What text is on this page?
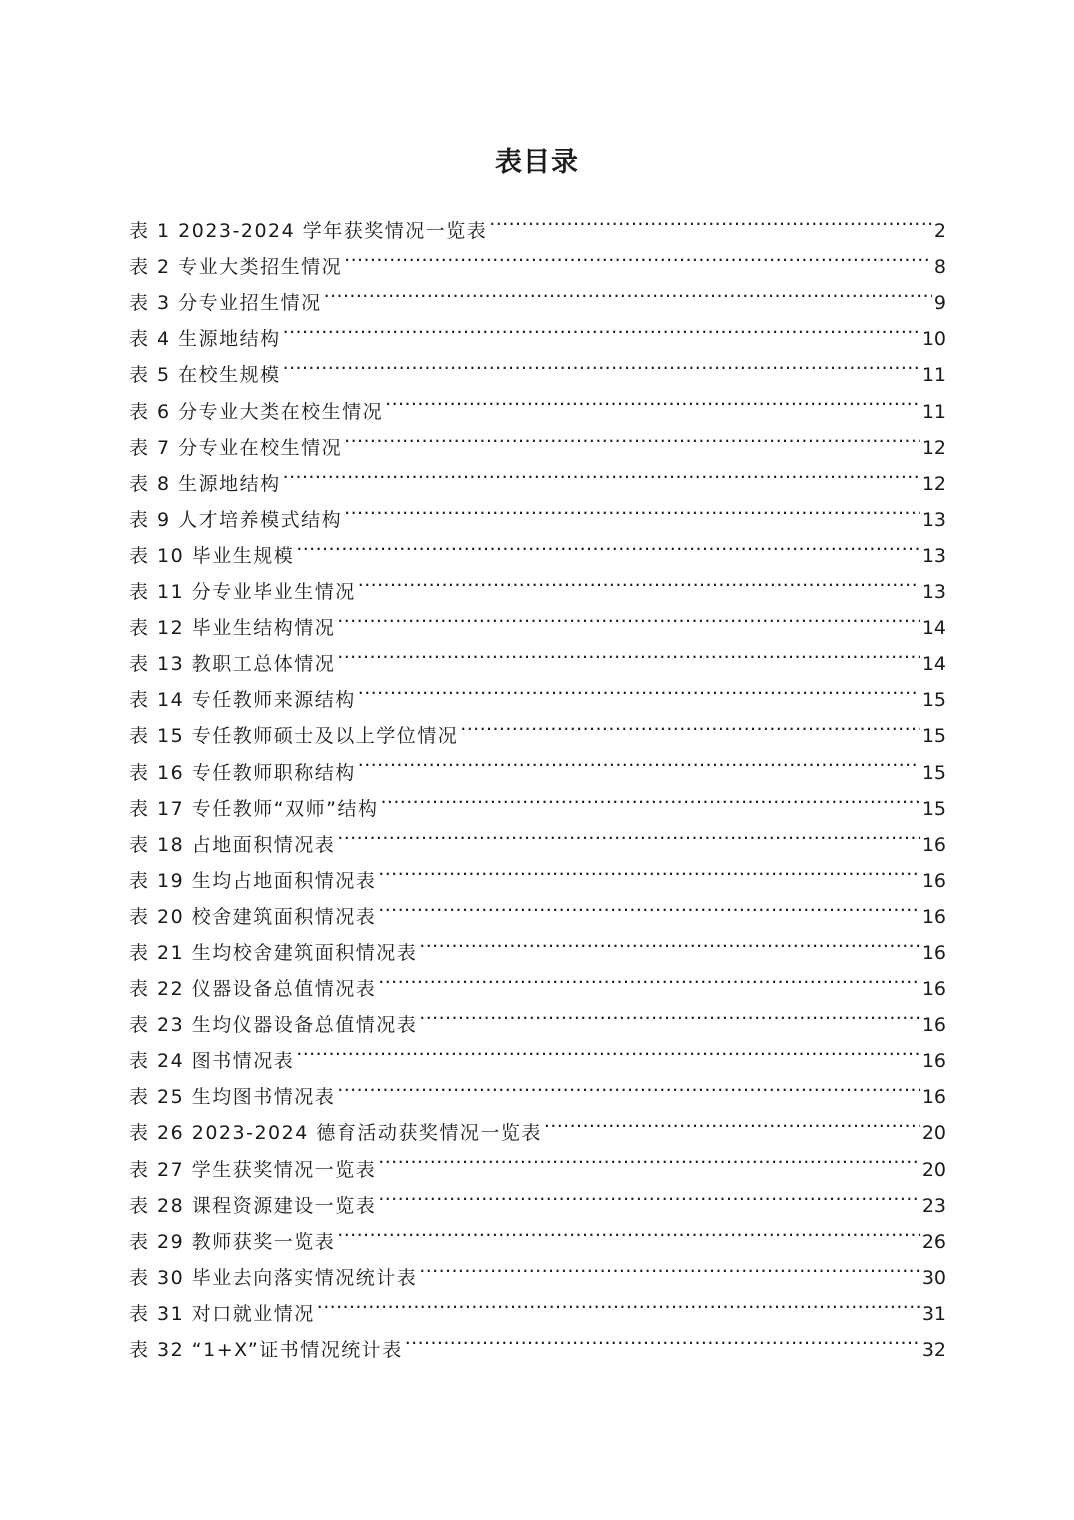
表目录
表 1 2023-2024 学年获奖情况一览表 .....	2
表 2 专业大类招生情况 .....	8
表 3 分专业招生情况 .....	9
表 4 生源地结构 .....	10
表 5 在校生规模 .....	11
表 6 分专业大类在校生情况 .....	11
表 7 分专业在校生情况 .....	12
表 8 生源地结构 .....	12
表 9 人才培养模式结构 .....	13
表 10 毕业生规模 .....	13
表 11 分专业毕业生情况 .....	13
表 12 毕业生结构情况 .....	14
表 13 教职工总体情况 .....	14
表 14 专任教师来源结构 .....	15
表 15 专任教师硕士及以上学位情况 .....	15
表 16 专任教师职称结构 .....	15
表 17 专任教师“双师”结构 .....	15
表 18 占地面积情况表 .....	16
表 19 生均占地面积情况表 .....	16
表 20 校舍建筑面积情况表 .....	16
表 21 生均校舍建筑面积情况表 .....	16
表 22 仪器设备总值情况表 .....	16
表 23 生均仪器设备总值情况表 .....	16
表 24 图书情况表 .....	16
表 25 生均图书情况表 .....	16
表 26 2023-2024 德育活动获奖情况一览表 .....	20
表 27 学生获奖情况一览表 .....	20
表 28 课程资源建设一览表 .....	23
表 29 教师获奖一览表 .....	26
表 30 毕业去向落实情况统计表 .....	30
表 31 对口就业情况 .....	31
表 32 “1+X”证书情况统计表 .....	32
